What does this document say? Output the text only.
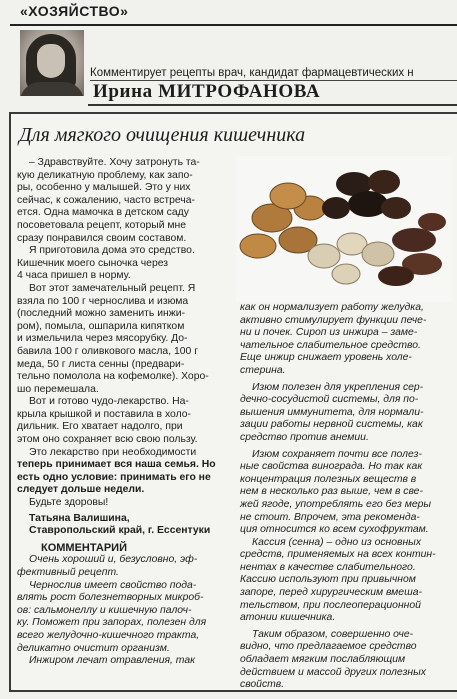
«ХОЗЯЙСТВО»
Комментирует рецепты врач, кандидат фармацевтических н
Ирина МИТРОФАНОВА
Для мягкого очищения кишечника

– Здравствуйте. Хочу затронуть та-

кую деликатную проблему, как запо-

ры, особенно у малышей. Это у них

сейчас, к сожалению, часто встреча-

ется. Одна мамочка в детском саду

посоветовала рецепт, который мне

сразу понравился своим составом.

Я приготовила дома это средство.

Кишечник моего сыночка через

4 часа пришел в норму.

Вот этот замечательный рецепт. Я

взяла по 100 г чернослива и изюма

(последний можно заменить инжи-

ром), помыла, ошпарила кипятком

и измельчила через мясорубку. До-

бавила 100 г оливкового масла, 100 г

меда, 50 г листа сенны (предвари-

тельно помолола на кофемолке). Хоро-

шо перемешала.

Вот и готово чудо-лекарство. На-

крыла крышкой и поставила в холо-

дильник. Его хватает надолго, при

этом оно сохраняет всю свою пользу.

Это лекарство при необходимости

теперь принимает вся наша семья. Но

есть одно условие: принимать его не

следует дольше недели.

Будьте здоровы!

Татьяна Валишина,

Ставропольский край, г. Ессентуки

КОММЕНТАРИЙ

Очень хороший и, безусловно, эф-

фективный рецепт.

Чернослив имеет свойство пода-

влять рост болезнетворных микроб-

ов: сальмонеллу и кишечную палоч-

ку. Поможет при запорах, полезен для

всего желудочно-кишечного тракта,

деликатно очистит организм.

Инжиром лечат отравления, так

как он нормализует работу желудка,

активно стимулирует функции пече-

ни и почек. Сироп из инжира – заме-

чательное слабительное средство.

Еще инжир снижает уровень холе-

стерина.

Изюм полезен для укрепления сер-

дечно-сосудистой системы, для по-

вышения иммунитета, для нормали-

зации работы нервной системы, как

средство против анемии.

Изюм сохраняет почти все полез-

ные свойства винограда. Но так как

концентрация полезных веществ в

нем в несколько раз выше, чем в све-

жей ягоде, употреблять его без меры

не стоит. Впрочем, эта рекоменда-

ция относится ко всем сухофруктам.

Кассия (сенна) – одно из основных

средств, применяемых на всех контин-

нентах в качестве слабительного.

Кассию используют при привычном

запоре, перед хирургическим вмеша-

тельством, при послеоперационной

атонии кишечника.

Таким образом, совершенно оче-

видно, что предлагаемое средство

обладает мягким послабляющим

действием и массой других полезных

свойств.
